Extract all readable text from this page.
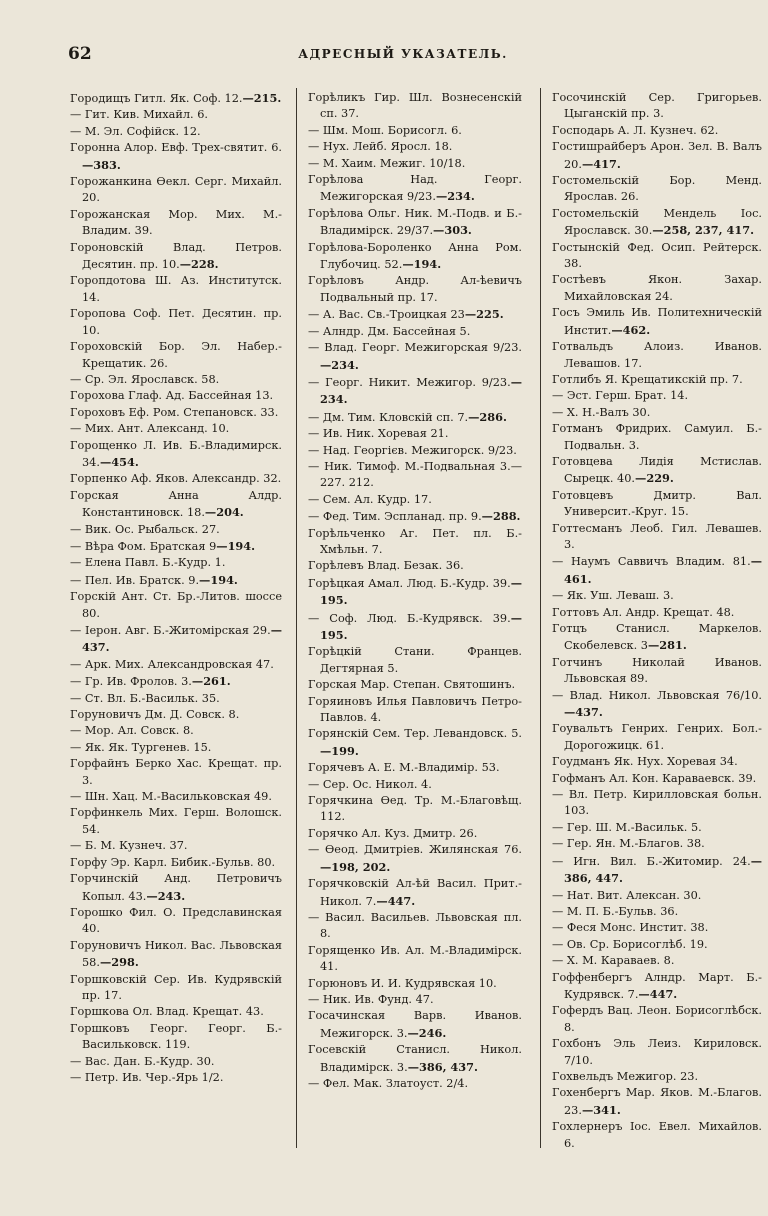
62	АДРЕСНЫЙ УКАЗАТЕЛЬ.
Городищъ Гитл. Як. Соф. 12.—215.
— Гит. Кив. Михайл. 6.
— М. Эл. Софійск. 12.
Горонна Алор. Евф. Трех-святит. 6. —383.
Горожанкина Өекл. Серг. Михайл. 20.
Горожанская Мор. Мих. М.-Владим. 39.
Гороновскій Влад. Петров. Десятин. пр. 10.—228.
Горопдотова Ш. Аз. Институтск. 14.
Горопова Соф. Пет. Десятин. пр. 10.
Гороховскій Бор. Эл. Набер.-Крещатик. 26.
— Ср. Эл. Ярославск. 58.
Горохова Глаф. Ад. Бассейная 13.
Гороховъ Еф. Ром. Степановск. 33.
— Мих. Ант. Александ. 10.
Горощенко Л. Ив. Б.-Владимирск. 34.—454.
Горпенко Аф. Яков. Александр. 32.
Горская Анна Алдр. Константиновск. 18.—204.
— Вик. Ос. Рыбальск. 27.
— Вѣра Фом. Братская 9—194.
— Елена Павл. Б.-Кудр. 1.
— Пел. Ив. Братск. 9.—194.
Горскій Ант. Ст. Бр.-Литов. шоссе 80.
— Іерон. Авг. Б.-Житомірская 29.—437.
— Арк. Мих. Александровская 47.
— Гр. Ив. Фролов. 3.—261.
— Ст. Вл. Б.-Васильк. 35.
Горуновичъ Дм. Д. Совск. 8.
— Мор. Ал. Совск. 8.
— Як. Як. Тургенев. 15.
Горфайнъ Берко Хас. Крещат. пр. 3.
— Шн. Хац. М.-Васильковская 49.
Горфинкель Мих. Герш. Волошск. 54.
— Б. М. Кузнеч. 37.
Горфу Эр. Карл. Бибик.-Бульв. 80.
Горчинскій Анд. Петровичъ Копыл. 43.—243.
Горошко Фил. О. Предславинская 40.
Горуновичъ Никол. Вас. Львовская 58.—298.
Горшковскій Сер. Ив. Кудрявскій пр. 17.
Горшкова Ол. Влад. Крещат. 43.
Горшковъ Георг. Георг. Б.-Васильковск. 119.
— Вас. Дан. Б.-Кудр. 30.
— Петр. Ив. Чер.-Ярь 1/2.
Горѣликъ Гир. Шл. Вознесенскій сп. 37.
— Шм. Мош. Борисогл. 6.
— Нух. Лейб. Яросл. 18.
— М. Хаим. Межиг. 10/18.
Горѣлова Над. Георг. Межигорская 9/23.—234.
Горѣлова Ольг. Ник. М.-Подв. и Б.-Владимірск. 29/37.—303.
Горѣлова-Бороленко Анна Ром. Глубочиц. 52.—194.
Горѣловъ Андр. Ал-ѣевичъ Подвальный пр. 17.
— А. Вас. Св.-Троицкая 23—225.
— Алндр. Дм. Бассейная 5.
— Влад. Георг. Межигорская 9/23.—234.
— Георг. Никит. Межигор. 9/23.—234.
— Дм. Тим. Кловскій сп. 7.—286.
— Ив. Ник. Хоревая 21.
— Над. Георгієв. Межигорск. 9/23.
— Ник. Тимоф. М.-Подвальная 3.—227. 212.
— Сем. Ал. Кудр. 17.
— Фед. Тим. Эспланад. пр. 9.—288.
Горѣльченко Аг. Пет. пл. Б.-Хмѣльн. 7.
Горѣлевъ Влад. Безак. 36.
Горѣцкая Амал. Люд. Б.-Кудр. 39.—195.
— Соф. Люд. Б.-Кудрявск. 39.—195.
Горѣцкій Стани. Францев. Дегтярная 5.
Горская Мар. Степан. Святошинъ.
Горяиновъ Илья Павловичъ Петро-Павлов. 4.
Горянскій Сем. Тер. Левандовск. 5.—199.
Горячевъ А. Е. М.-Владимір. 53.
— Сер. Ос. Никол. 4.
Горячкина Өед. Тр. М.-Благовѣщ. 112.
Горячко Ал. Куз. Дмитр. 26.
— Өеод. Дмитріев. Жилянская 76.—198, 202.
Горячковскій Ал-ѣй Васил. Прит.-Никол. 7.—447.
— Васил. Васильев. Львовская пл. 8.
Горященко Ив. Ал. М.-Владимірск. 41.
Горюновъ И. И. Кудрявская 10.
— Ник. Ив. Фунд. 47.
Госачинская Варв. Иванов. Межигорск. 3.—246.
Госевскій Станисл. Никол. Владимірск. 3.—386, 437.
— Фел. Мак. Златоуст. 2/4.
Госочинскій Сер. Григорьев. Цыганскій пр. 3.
Господарь А. Л. Кузнеч. 62.
Гостишрайберъ Арон. Зел. В. Валъ 20.—417.
Гостомельскій Бор. Менд. Ярослав. 26.
Гостомельскій Мендель Іос. Ярославск. 30.—258, 237, 417.
Гостынскій Фед. Осип. Рейтерск. 38.
Гостѣевъ Якон. Захар. Михайловская 24.
Госъ Эмиль Ив. Политехническій Инстит.—462.
Готвальдъ Алоиз. Иванов. Левашов. 17.
Готлибъ Я. Крещатикскій пр. 7.
— Эст. Герш. Брат. 14.
— Х. Н.-Валъ 30.
Готманъ Фридрих. Самуил. Б.-Подвальн. 3.
Готовцева Лидія Мстислав. Сырецк. 40.—229.
Готовцевъ Дмитр. Вал. Университ.-Круг. 15.
Готтесманъ Леоб. Гил. Левашев. 3.
— Наумъ Саввичъ Владим. 81.—461.
— Як. Уш. Леваш. 3.
Готтовъ Ал. Андр. Крещат. 48.
Готцъ Станисл. Маркелов. Скобелевск. 3—281.
Готчинъ Николай Иванов. Львовская 89.
— Влад. Никол. Львовская 76/10.—437.
Гоувальтъ Генрих. Генрих. Бол.-Дорогожицк. 61.
Гоудманъ Як. Нух. Хоревая 34.
Гофманъ Ал. Кон. Караваевск. 39.
— Вл. Петр. Кирилловская больн. 103.
— Гер. Ш. М.-Васильк. 5.
— Гер. Ян. М.-Благов. 38.
— Игн. Вил. Б.-Житомир. 24.—386, 447.
— Нат. Вит. Алексан. 30.
— М. П. Б.-Бульв. 36.
— Феся Монс. Инстит. 38.
— Ов. Ср. Борисоглѣб. 19.
— Х. М. Караваев. 8.
Гоффенбергъ Алндр. Март. Б.-Кудрявск. 7.—447.
Гофердъ Вац. Леон. Борисоглѣбск. 8.
Гохбонъ Эль Леиз. Кириловск. 7/10.
Гохвельдъ Межигор. 23.
Гохенбергъ Мар. Яков. М.-Благов. 23.—341.
Гохлернеръ Іос. Евел. Михайлов. 6.
